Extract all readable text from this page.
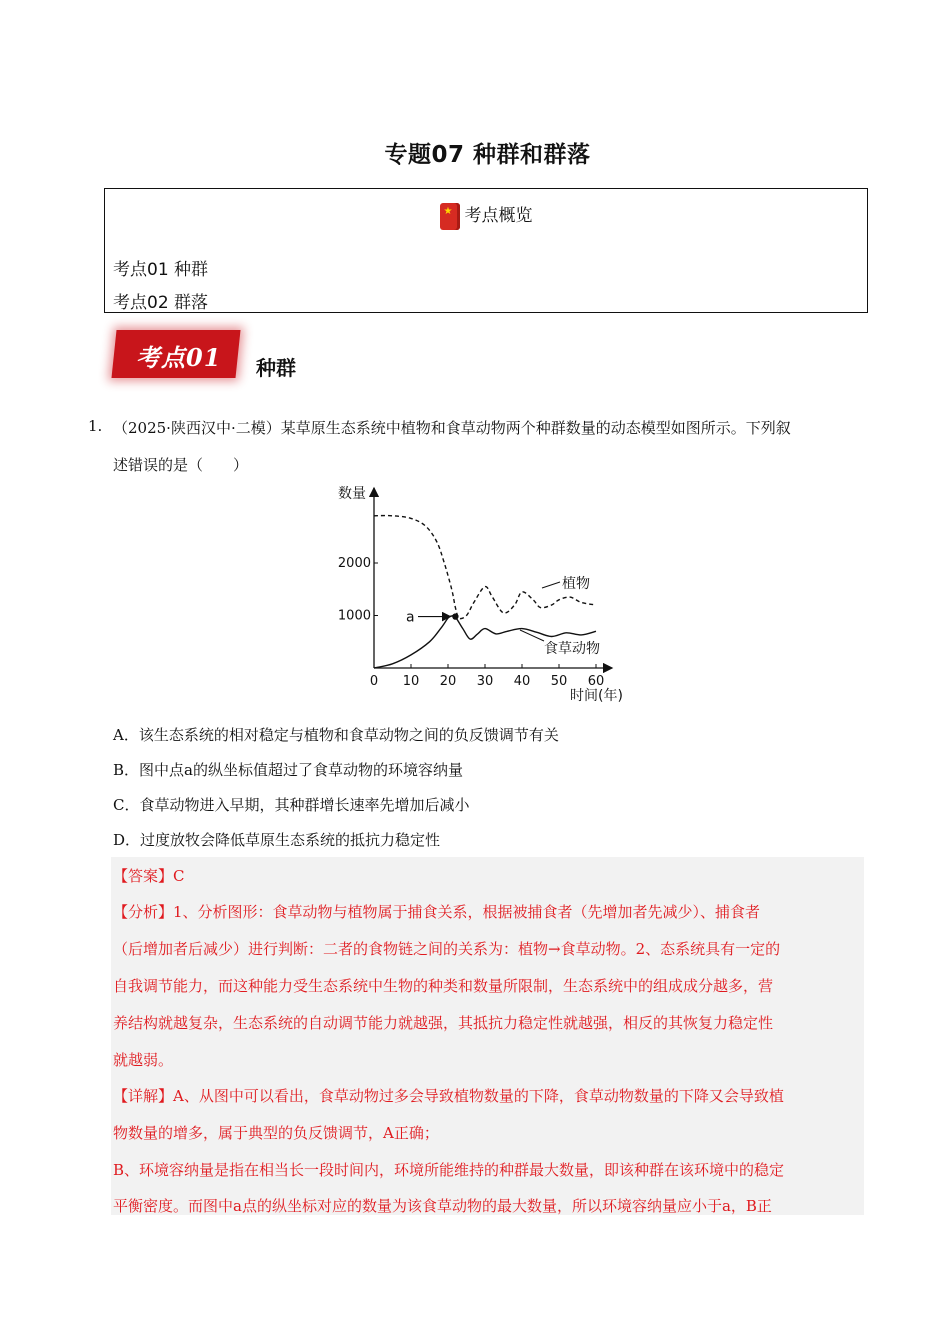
专题07 种群和群落
★考点概览
考点01 种群
考点02 群落
考点01 种群
1. （2025·陕西汉中·二模）某草原生态系统中植物和食草动物两个种群数量的动态模型如图所示。下列叙
述错误的是（　　）
0 10 20 30 40 50 60
1000
2000
数量
时间(年)
植物
食草动物
a
A．该生态系统的相对稳定与植物和食草动物之间的负反馈调节有关
B．图中点a的纵坐标值超过了食草动物的环境容纳量
C．食草动物进入早期，其种群增长速率先增加后减小
D．过度放牧会降低草原生态系统的抵抗力稳定性
【答案】C
【分析】1、分析图形：食草动物与植物属于捕食关系，根据被捕食者（先增加者先减少）、捕食者
（后增加者后减少）进行判断：二者的食物链之间的关系为：植物→食草动物。2、态系统具有一定的
自我调节能力，而这种能力受生态系统中生物的种类和数量所限制，生态系统中的组成成分越多，营
养结构就越复杂，生态系统的自动调节能力就越强，其抵抗力稳定性就越强，相反的其恢复力稳定性
就越弱。
【详解】A、从图中可以看出，食草动物过多会导致植物数量的下降，食草动物数量的下降又会导致植
物数量的增多，属于典型的负反馈调节，A正确；
B、环境容纳量是指在相当长一段时间内，环境所能维持的种群最大数量，即该种群在该环境中的稳定
平衡密度。而图中a点的纵坐标对应的数量为该食草动物的最大数量，所以环境容纳量应小于a，B正
